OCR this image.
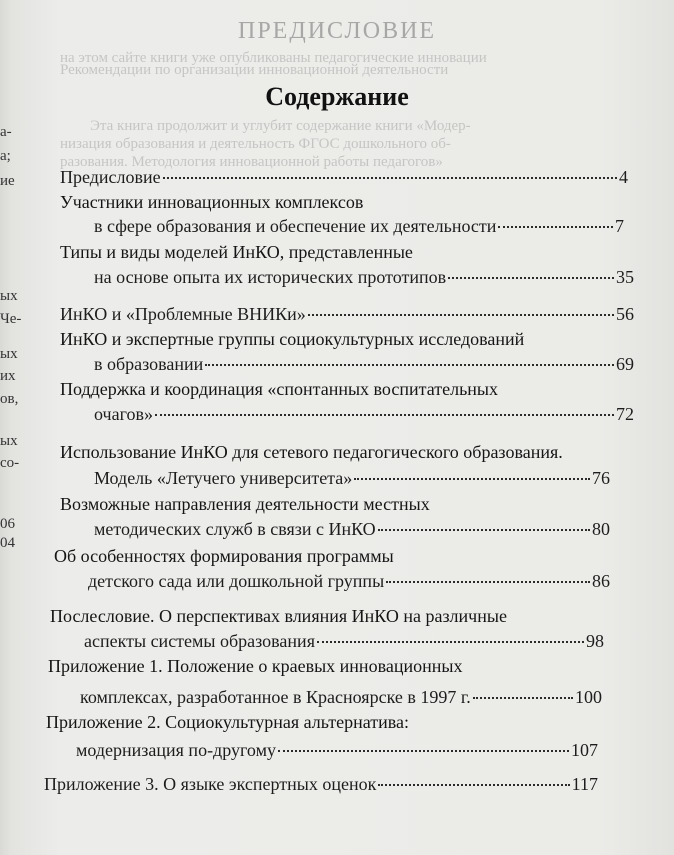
а-
а;
ие
ых
Че-
ых
их
ов,
ых
со-
06
04
ПРЕДИСЛОВИЕ
на этом сайте книги уже опубликованы педагогические инновации
Рекомендации по организации инновационной деятельности
Эта книга продолжит и углубит содержание книги «Модер-
низация образования и деятельность ФГОС дошкольного об-
разования. Методология инновационной работы педагогов»
Содержание
Предисловие	4
Участники инновационных комплексов
в сфере образования и обеспечение их деятельности	7
Типы и виды моделей ИнКО, представленные
на основе опыта их исторических прототипов	35
ИнКО и «Проблемные ВНИКи»	56
ИнКО и экспертные группы социокультурных исследований
в образовании	69
Поддержка и координация «спонтанных воспитательных
очагов»	72
Использование ИнКО для сетевого педагогического образования.
Модель «Летучего университета»	76
Возможные направления деятельности местных
методических служб в связи с ИнКО	80
Об особенностях формирования программы
детского сада или дошкольной группы	86
Послесловие. О перспективах влияния ИнКО на различные
аспекты системы образования	98
Приложение 1. Положение о краевых инновационных
комплексах, разработанное в Красноярске в 1997 г.	100
Приложение 2. Социокультурная альтернатива:
модернизация по-другому	107
Приложение 3. О языке экспертных оценок	117
